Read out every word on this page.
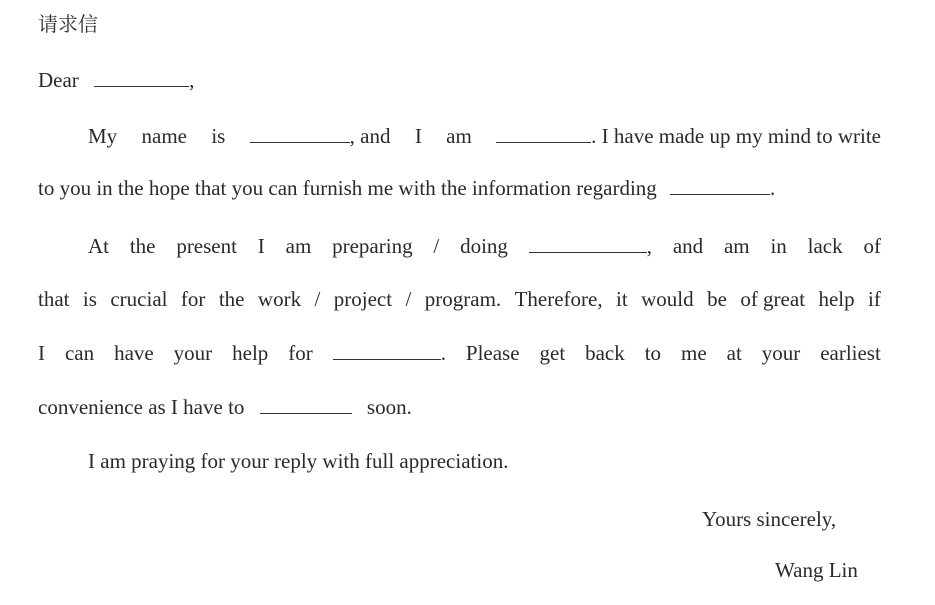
请求信
Dear	,
My name is	, and I am	. I have made up my mind to write
to you in the hope that you can furnish me with the information regarding	.
At the present I am preparing / doing	, and am in lack of
that is crucial for the work / project / program. Therefore, it would be of great help if
I can have your help for	. Please get back to me at your earliest
convenience as I have to	soon.
I am praying for your reply with full appreciation.
Yours sincerely,
Wang Lin
